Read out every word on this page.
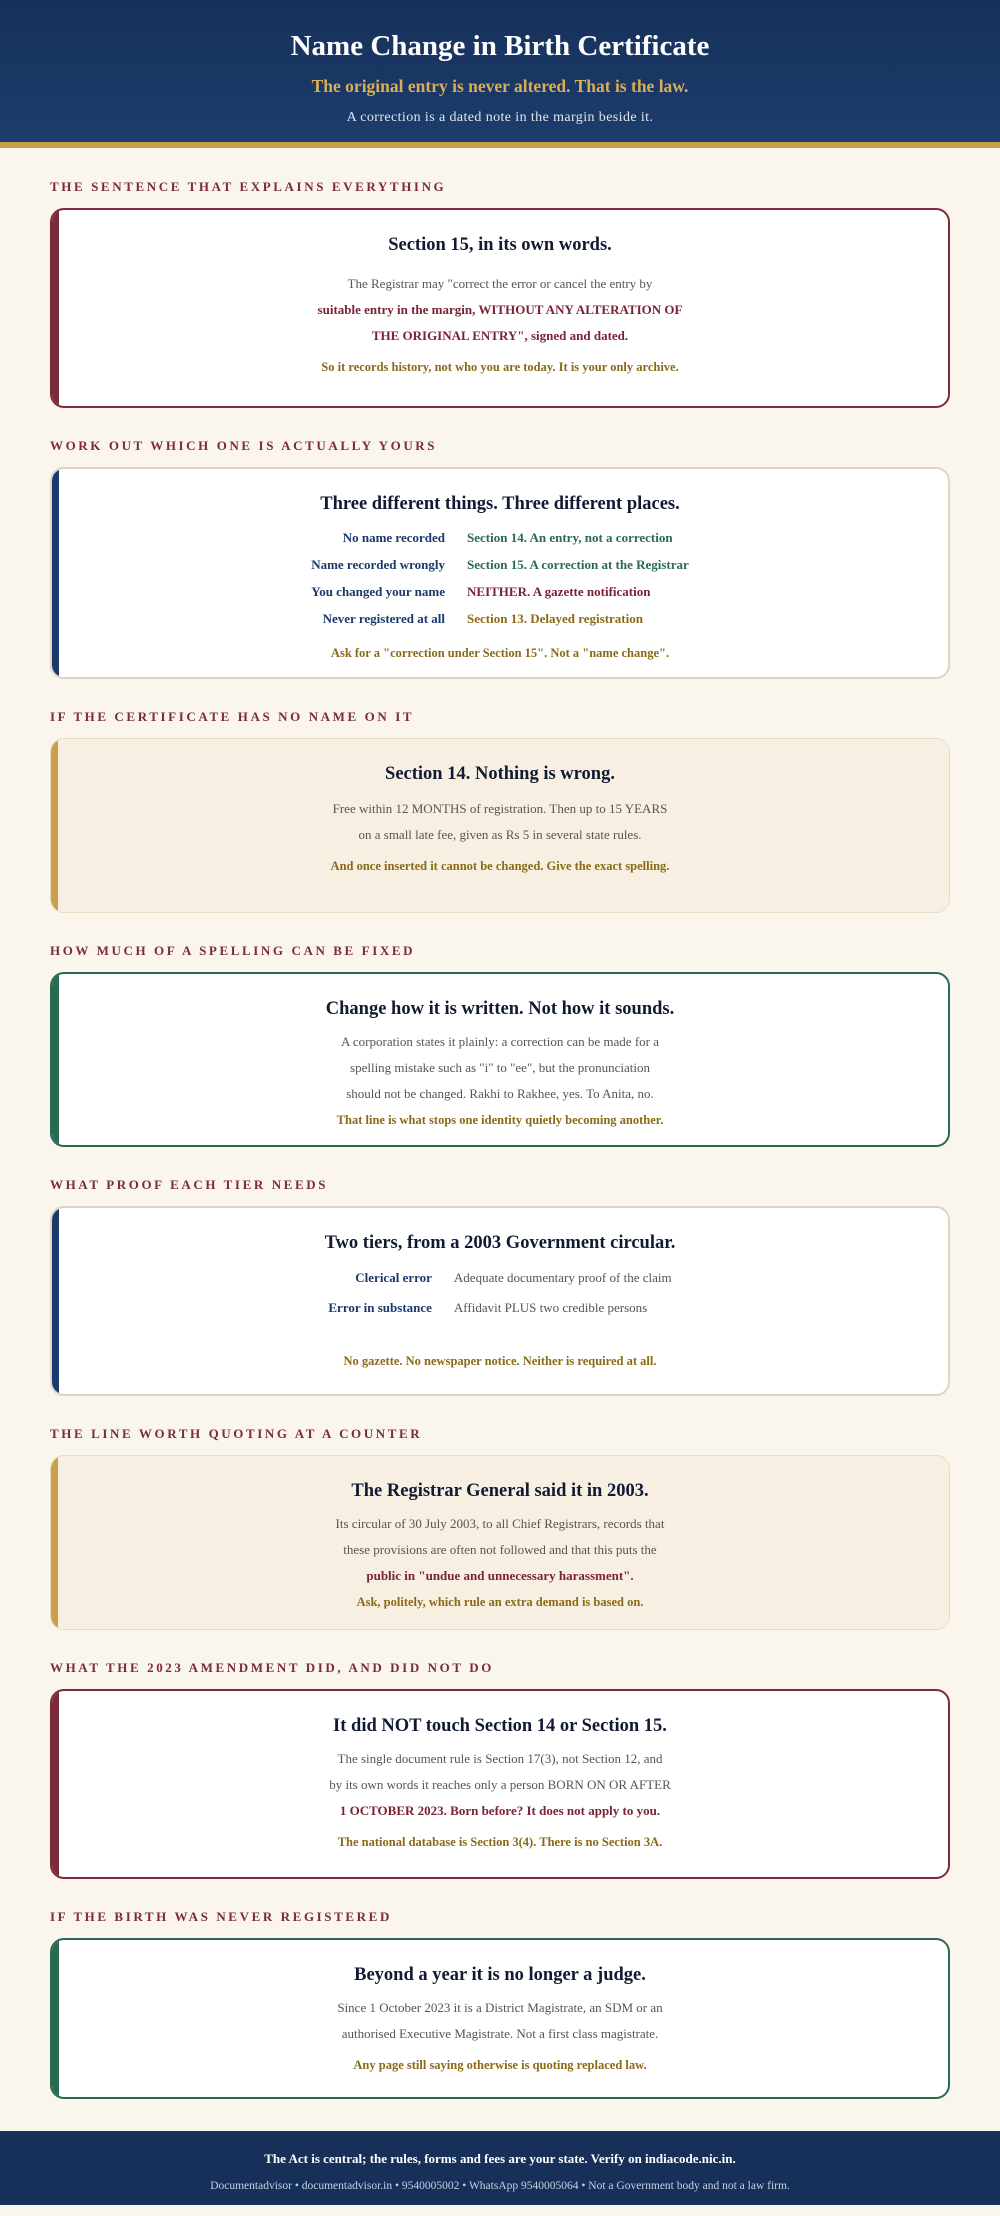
Name Change in Birth Certificate
The original entry is never altered. That is the law.
A correction is a dated note in the margin beside it.
THE SENTENCE THAT EXPLAINS EVERYTHING
Section 15, in its own words.
The Registrar may "correct the error or cancel the entry by
suitable entry in the margin, WITHOUT ANY ALTERATION OF
THE ORIGINAL ENTRY", signed and dated.
So it records history, not who you are today. It is your only archive.
WORK OUT WHICH ONE IS ACTUALLY YOURS
Three different things. Three different places.
No name recorded	Section 14. An entry, not a correction
Name recorded wrongly	Section 15. A correction at the Registrar
You changed your name	NEITHER. A gazette notification
Never registered at all	Section 13. Delayed registration
Ask for a "correction under Section 15". Not a "name change".
IF THE CERTIFICATE HAS NO NAME ON IT
Section 14. Nothing is wrong.
Free within 12 MONTHS of registration. Then up to 15 YEARS
on a small late fee, given as Rs 5 in several state rules.
And once inserted it cannot be changed. Give the exact spelling.
HOW MUCH OF A SPELLING CAN BE FIXED
Change how it is written. Not how it sounds.
A corporation states it plainly: a correction can be made for a
spelling mistake such as "i" to "ee", but the pronunciation
should not be changed. Rakhi to Rakhee, yes. To Anita, no.
That line is what stops one identity quietly becoming another.
WHAT PROOF EACH TIER NEEDS
Two tiers, from a 2003 Government circular.
Clerical error	Adequate documentary proof of the claim
Error in substance	Affidavit PLUS two credible persons
No gazette. No newspaper notice. Neither is required at all.
THE LINE WORTH QUOTING AT A COUNTER
The Registrar General said it in 2003.
Its circular of 30 July 2003, to all Chief Registrars, records that
these provisions are often not followed and that this puts the
public in "undue and unnecessary harassment".
Ask, politely, which rule an extra demand is based on.
WHAT THE 2023 AMENDMENT DID, AND DID NOT DO
It did NOT touch Section 14 or Section 15.
The single document rule is Section 17(3), not Section 12, and
by its own words it reaches only a person BORN ON OR AFTER
1 OCTOBER 2023. Born before? It does not apply to you.
The national database is Section 3(4). There is no Section 3A.
IF THE BIRTH WAS NEVER REGISTERED
Beyond a year it is no longer a judge.
Since 1 October 2023 it is a District Magistrate, an SDM or an
authorised Executive Magistrate. Not a first class magistrate.
Any page still saying otherwise is quoting replaced law.
The Act is central; the rules, forms and fees are your state. Verify on indiacode.nic.in.
Documentadvisor • documentadvisor.in • 9540005002 • WhatsApp 9540005064 • Not a Government body and not a law firm.
